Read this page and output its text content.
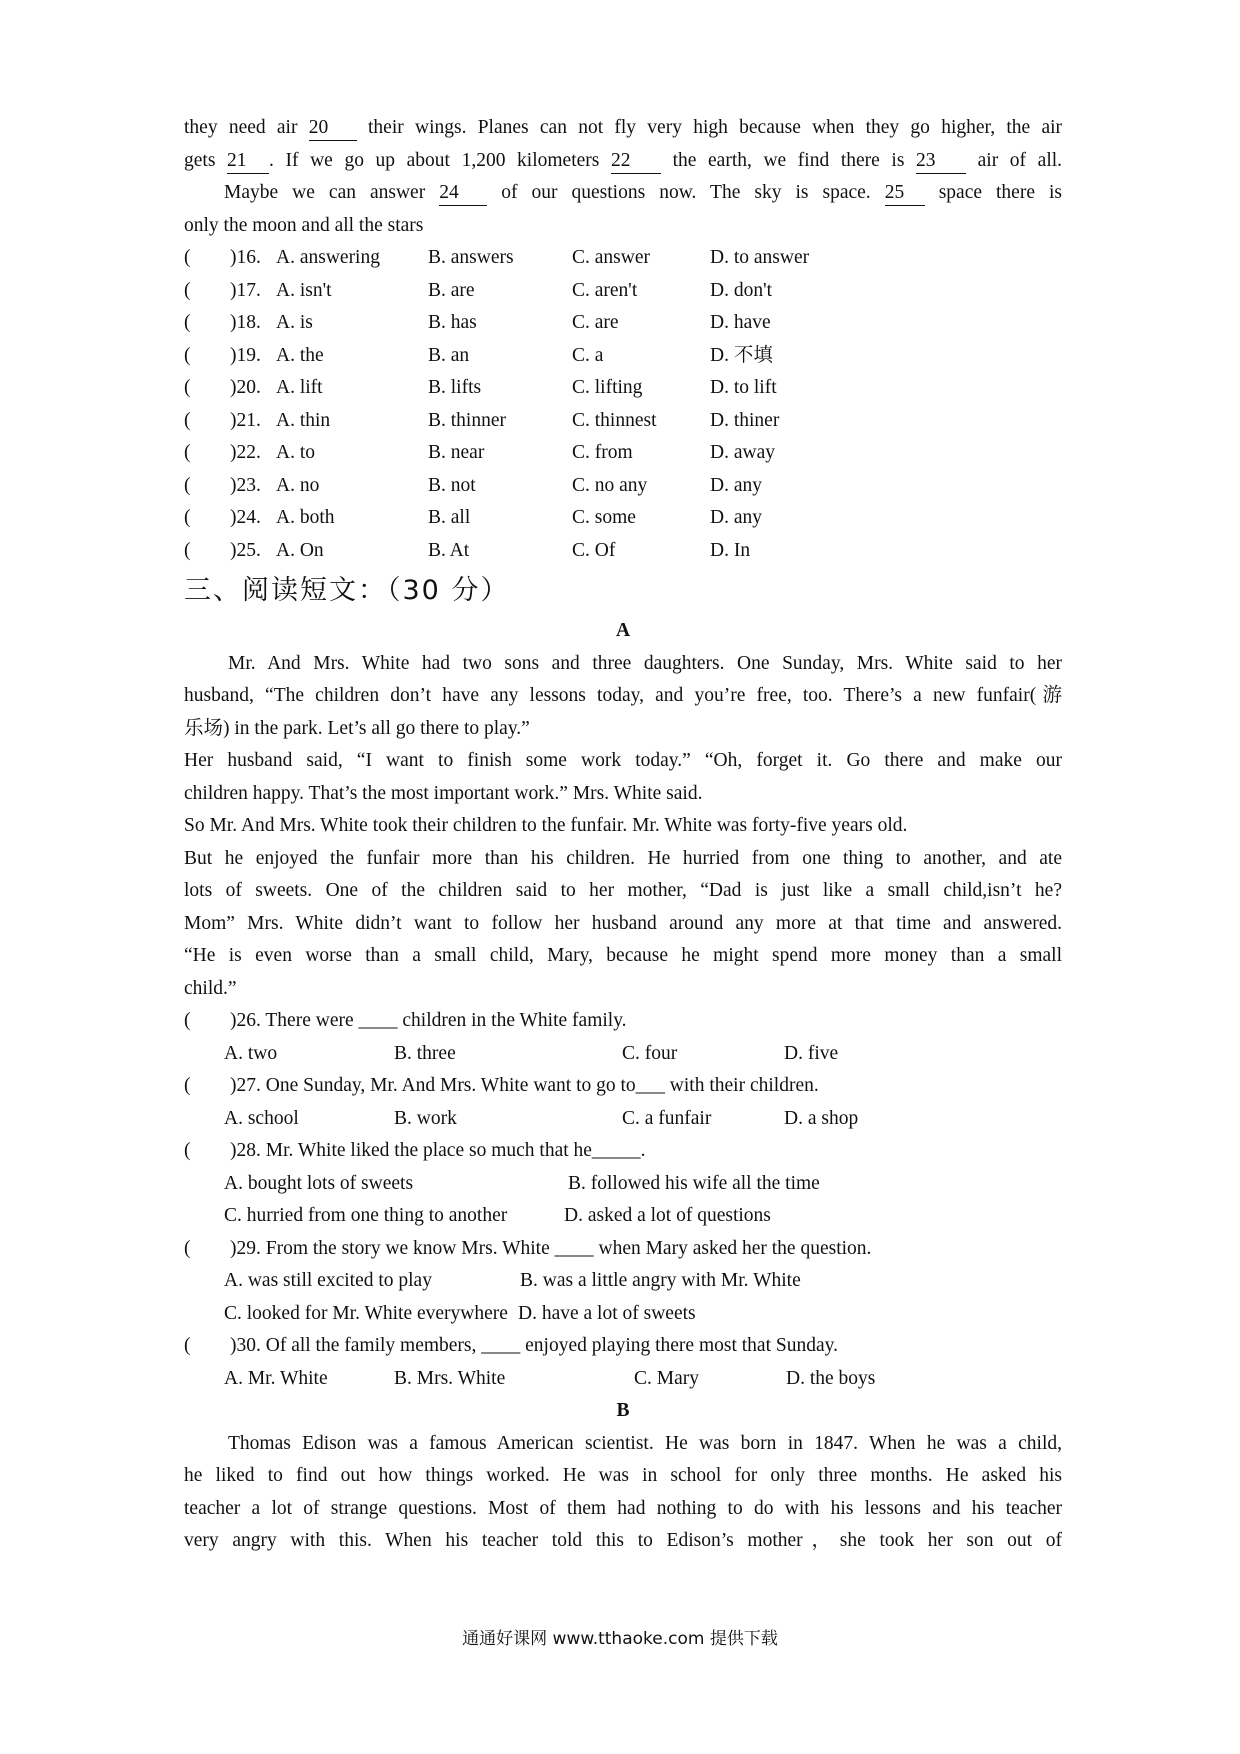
they need air 20 their wings. Planes can not fly very high because when they go higher, the air
gets 21 . If we go up about 1,200 kilometers 22 the earth, we find there is 23 air of all.
Maybe we can answer 24 of our questions now. The sky is space. 25 space there is
only the moon and all the stars
( )16. A. answering B. answers	C. answer	D. to answer
( )17. A. isn't	B. are	C. aren't	D. don't
( )18. A. is	B. has	C. are	D. have
( )19. A. the	B. an	C. a	D. 不填
( )20. A. lift	B. lifts	C. lifting	D. to lift
( )21. A. thin	B. thinner	C. thinnest	D. thiner
( )22. A. to	B. near	C. from	D. away
( )23. A. no	B. not	C. no any	D. any
( )24. A. both	B. all	C. some	D. any
( )25. A. On	B. At	C. Of	D. In
三、阅读短文：（30 分）
A
Mr. And Mrs. White had two sons and three daughters. One Sunday, Mrs. White said to her
husband, “The children don’t have any lessons today, and you’re free, too. There’s a new funfair(游
乐场) in the park. Let’s all go there to play.”
Her husband said, “I want to finish some work today.” “Oh, forget it. Go there and make our
children happy. That’s the most important work.” Mrs. White said.
So Mr. And Mrs. White took their children to the funfair. Mr. White was forty-five years old.
But he enjoyed the funfair more than his children. He hurried from one thing to another, and ate
lots of sweets. One of the children said to her mother, “Dad is just like a small child,isn’t he?
Mom” Mrs. White didn’t want to follow her husband around any more at that time and answered.
“He is even worse than a small child, Mary, because he might spend more money than a small
child.”
( )26. There were ____ children in the White family.
A. two	B. three	C. four	D. five
( )27. One Sunday, Mr. And Mrs. White want to go to___ with their children.
A. school	B. work	C. a funfair	D. a shop
( )28. Mr. White liked the place so much that he_____.
A. bought lots of sweets	B. followed his wife all the time
C. hurried from one thing to another	D. asked a lot of questions
( )29. From the story we know Mrs. White ____ when Mary asked her the question.
A. was still excited to play	B. was a little angry with Mr. White
C. looked for Mr. White everywhere D. have a lot of sweets
( )30. Of all the family members, ____ enjoyed playing there most that Sunday.
A. Mr. White	B. Mrs. White	C. Mary	D. the boys
B
Thomas Edison was a famous American scientist. He was born in 1847. When he was a child,
he liked to find out how things worked. He was in school for only three months. He asked his
teacher a lot of strange questions. Most of them had nothing to do with his lessons and his teacher
very angry with this. When his teacher told this to Edison’s mother，she took her son out of
通通好课网 www.tthaoke.com 提供下载
